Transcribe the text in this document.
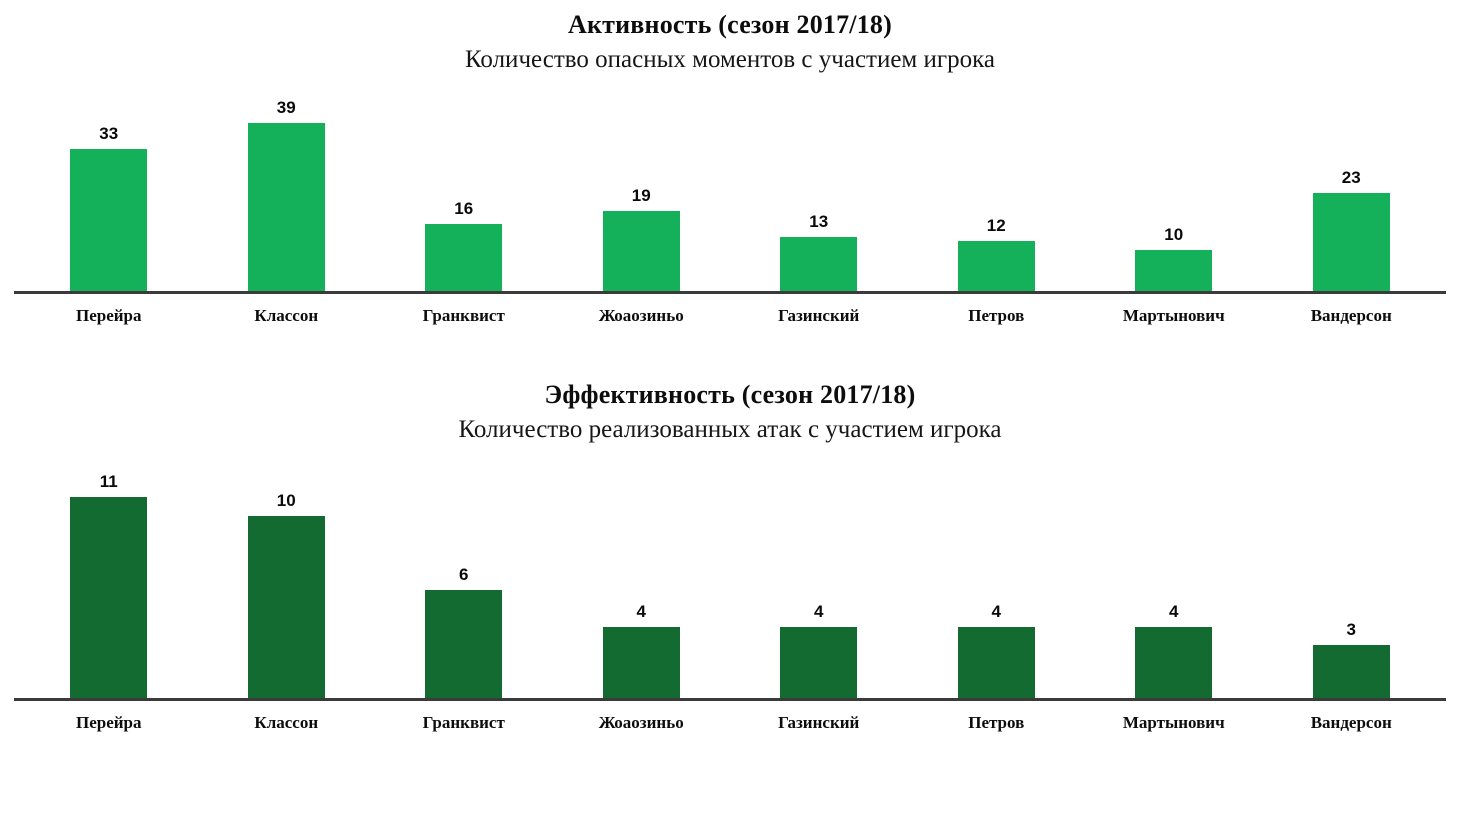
Активность (сезон 2017/18)
Количество опасных моментов с участием игрока
33
39
16
19
13	12	10
23
Перейра	Классон	Гранквист	Жоаозиньо	Газинский	Петров	Мартынович	Вандерсон
Эффективность (сезон 2017/18)
Количество реализованных атак с участием игрока
11
10
6
4	4	4	4
3
Перейра	Классон	Гранквист	Жоаозиньо	Газинский	Петров	Мартынович	Вандерсон
